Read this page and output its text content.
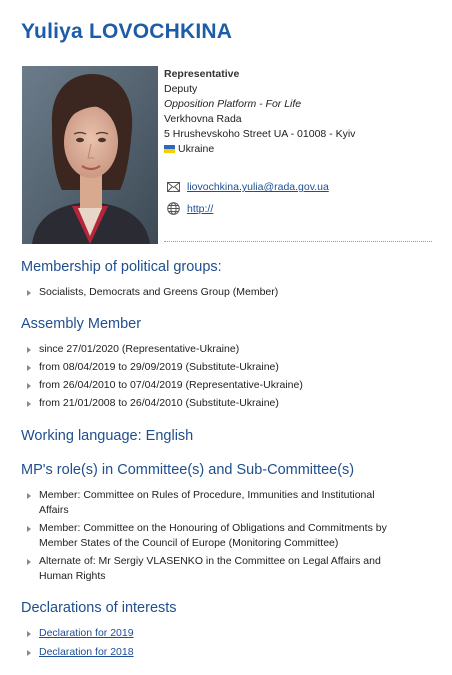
Yuliya LOVOCHKINA
Representative
Deputy
Opposition Platform - For Life
Verkhovna Rada
5 Hrushevskoho Street UA - 01008 - Kyiv
Ukraine
liovochkina.yulia@rada.gov.ua
http://
Membership of political groups:
Socialists, Democrats and Greens Group (Member)
Assembly Member
since 27/01/2020 (Representative-Ukraine)
from 08/04/2019 to 29/09/2019 (Substitute-Ukraine)
from 26/04/2010 to 07/04/2019 (Representative-Ukraine)
from 21/01/2008 to 26/04/2010 (Substitute-Ukraine)
Working language: English
MP's role(s) in Committee(s) and Sub-Committee(s)
Member: Committee on Rules of Procedure, Immunities and Institutional Affairs
Member: Committee on the Honouring of Obligations and Commitments by Member States of the Council of Europe (Monitoring Committee)
Alternate of: Mr Sergiy VLASENKO in the Committee on Legal Affairs and Human Rights
Declarations of interests
Declaration for 2019
Declaration for 2018
